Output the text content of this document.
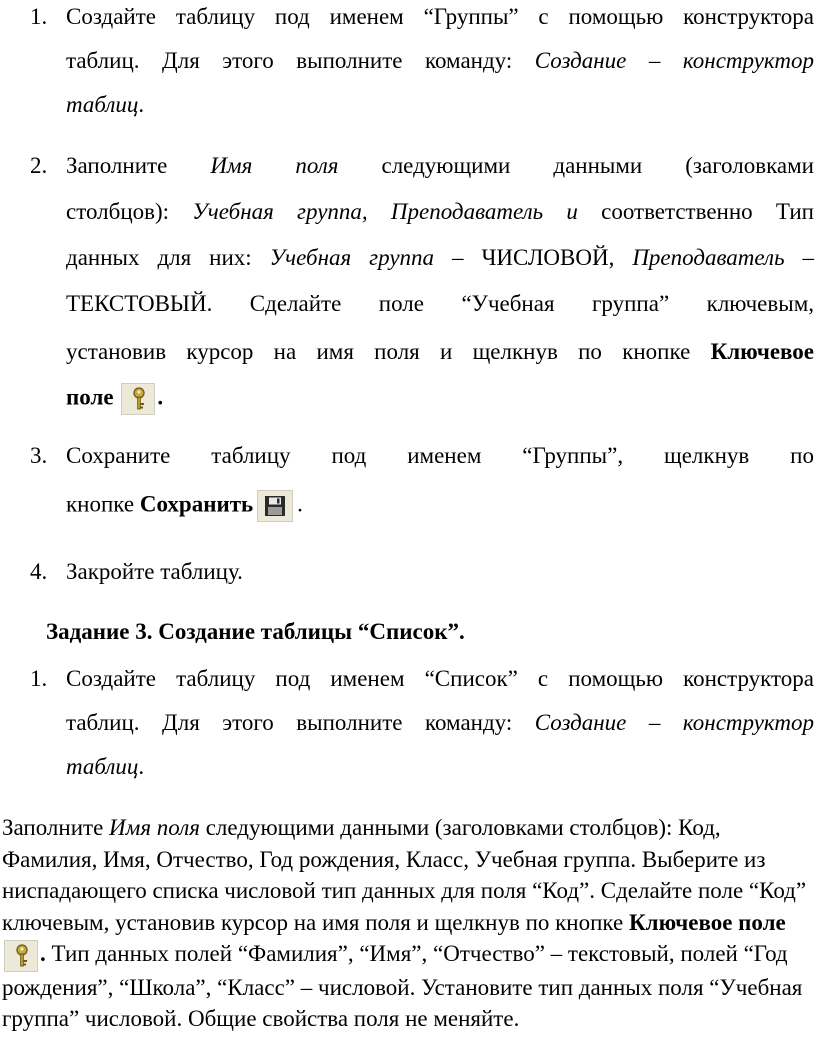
1. Создайте таблицу под именем “Группы” с помощью конструктора
таблиц. Для этого выполните команду: Создание – конструктор
таблиц.
2. Заполните Имя поля следующими данными (заголовками
столбцов): Учебная группа, Преподаватель и соответственно Тип
данных для них: Учебная группа – ЧИСЛОВОЙ, Преподаватель –
ТЕКСТОВЫЙ. Сделайте поле “Учебная группа” ключевым,
установив курсор на имя поля и щелкнув по кнопке Ключевое
поле
.
3. Сохраните таблицу под именем “Группы”, щелкнув по
кнопке Сохранить .
4. Закройте таблицу.
1. Создайте таблицу под именем “Список” с помощью конструктора
таблиц. Для этого выполните команду: Создание – конструктор
таблиц.
Задание 3. Создание таблицы “Список”.
Заполните Имя поля следующими данными (заголовками столбцов): Код, Фамилия, Имя, Отчество, Год рождения, Класс, Учебная группа. Выберите из ниспадающего списка числовой тип данных для поля “Код”. Сделайте поле “Код” ключевым, установив курсор на имя поля и щелкнув по кнопке Ключевое поле
. Тип данных полей “Фамилия”, “Имя”, “Отчество” – текстовый, полей “Год рождения”, “Школа”, “Класс” – числовой. Установите тип данных поля “Учебная группа” числовой. Общие свойства поля не меняйте.
